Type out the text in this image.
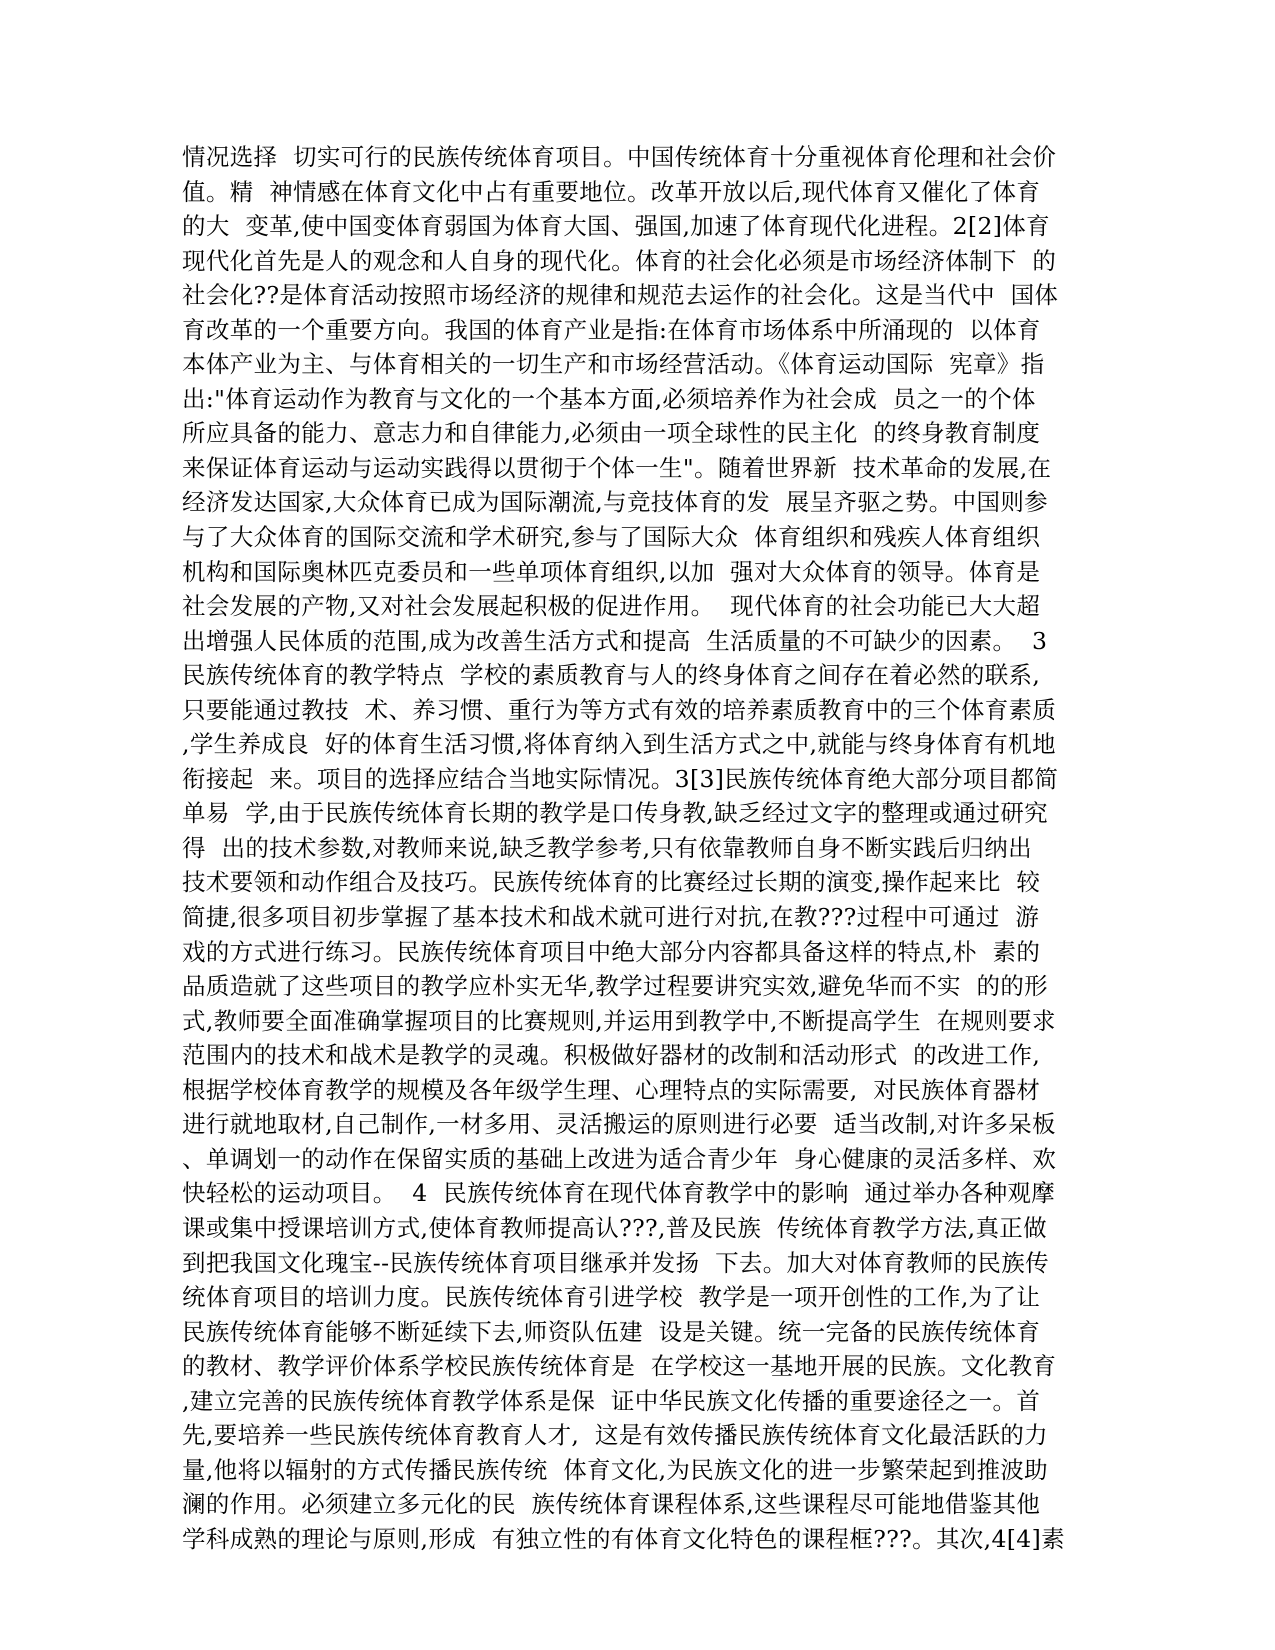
情况选择  切实可行的民族传统体育项目。中国传统体育十分重视体育伦理和社会价
值。精  神情感在体育文化中占有重要地位。改革开放以后,现代体育又催化了体育
的大  变革,使中国变体育弱国为体育大国、强国,加速了体育现代化进程。2[2]体育
现代化首先是人的观念和人自身的现代化。体育的社会化必须是市场经济体制下  的
社会化??是体育活动按照市场经济的规律和规范去运作的社会化。这是当代中  国体
育改革的一个重要方向。我国的体育产业是指:在体育市场体系中所涌现的  以体育
本体产业为主、与体育相关的一切生产和市场经营活动。《体育运动国际  宪章》指
出:"体育运动作为教育与文化的一个基本方面,必须培养作为社会成  员之一的个体
所应具备的能力、意志力和自律能力,必须由一项全球性的民主化  的终身教育制度
来保证体育运动与运动实践得以贯彻于个体一生"。随着世界新  技术革命的发展,在
经济发达国家,大众体育已成为国际潮流,与竞技体育的发  展呈齐驱之势。中国则参
与了大众体育的国际交流和学术研究,参与了国际大众  体育组织和残疾人体育组织
机构和国际奥林匹克委员和一些单项体育组织,以加  强对大众体育的领导。体育是
社会发展的产物,又对社会发展起积极的促进作用。  现代体育的社会功能已大大超
出增强人民体质的范围,成为改善生活方式和提高  生活质量的不可缺少的因素。  3
民族传统体育的教学特点  学校的素质教育与人的终身体育之间存在着必然的联系,
只要能通过教技  术、养习惯、重行为等方式有效的培养素质教育中的三个体育素质
,学生养成良  好的体育生活习惯,将体育纳入到生活方式之中,就能与终身体育有机地
衔接起  来。项目的选择应结合当地实际情况。3[3]民族传统体育绝大部分项目都简
单易  学,由于民族传统体育长期的教学是口传身教,缺乏经过文字的整理或通过研究
得  出的技术参数,对教师来说,缺乏教学参考,只有依靠教师自身不断实践后归纳出
技术要领和动作组合及技巧。民族传统体育的比赛经过长期的演变,操作起来比  较
简捷,很多项目初步掌握了基本技术和战术就可进行对抗,在教???过程中可通过  游
戏的方式进行练习。民族传统体育项目中绝大部分内容都具备这样的特点,朴  素的
品质造就了这些项目的教学应朴实无华,教学过程要讲究实效,避免华而不实  的的形
式,教师要全面准确掌握项目的比赛规则,并运用到教学中,不断提高学生  在规则要求
范围内的技术和战术是教学的灵魂。积极做好器材的改制和活动形式  的改进工作,
根据学校体育教学的规模及各年级学生理、心理特点的实际需要,  对民族体育器材
进行就地取材,自己制作,一材多用、灵活搬运的原则进行必要  适当改制,对许多呆板
、单调划一的动作在保留实质的基础上改进为适合青少年  身心健康的灵活多样、欢
快轻松的运动项目。  4  民族传统体育在现代体育教学中的影响  通过举办各种观摩
课或集中授课培训方式,使体育教师提高认???,普及民族  传统体育教学方法,真正做
到把我国文化瑰宝--民族传统体育项目继承并发扬  下去。加大对体育教师的民族传
统体育项目的培训力度。民族传统体育引进学校  教学是一项开创性的工作,为了让
民族传统体育能够不断延续下去,师资队伍建  设是关键。统一完备的民族传统体育
的教材、教学评价体系学校民族传统体育是  在学校这一基地开展的民族。文化教育
,建立完善的民族传统体育教学体系是保  证中华民族文化传播的重要途径之一。首
先,要培养一些民族传统体育教育人才,  这是有效传播民族传统体育文化最活跃的力
量,他将以辐射的方式传播民族传统  体育文化,为民族文化的进一步繁荣起到推波助
澜的作用。必须建立多元化的民  族传统体育课程体系,这些课程尽可能地借鉴其他
学科成熟的理论与原则,形成  有独立性的有体育文化特色的课程框???。其次,4[4]素
